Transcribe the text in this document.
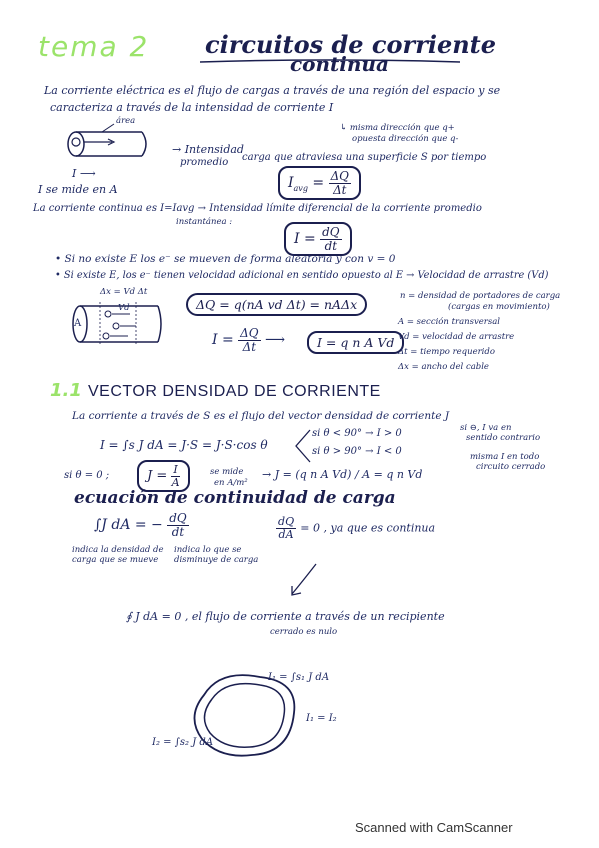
tema 2 circuitos de corriente
continua
La corriente eléctrica es el flujo de cargas a través de una región del espacio y se
caracteriza a través de la intensidad de corriente I
área
I ⟶
↳ misma dirección que q+
opuesta dirección que q-
→ Intensidad
promedio carga que atraviesa una superficie S por tiempo
$I_{avg} = \frac{\Delta Q}{\Delta t}$
I se mide en A
La corriente continua es I=Iavg → Intensidad límite diferencial de la corriente promedio
instantánea :
$I = \frac{dQ}{dt}$
• Si no existe E los e⁻ se mueven de forma aleatoria y con v = 0
• Si existe E, los e⁻ tienen velocidad adicional en sentido opuesto al E → Velocidad de arrastre (Vd)
Δx = Vd Δt
Vd
A
ΔQ = q(nA vd Δt) = nAΔx
$I = \frac{\Delta Q}{\Delta t}$ ⟶	I = q n A Vd
n = densidad de portadores de carga
(cargas en movimiento)
A = sección transversal
Vd = velocidad de arrastre
Δt = tiempo requerido
Δx = ancho del cable
1.1 VECTOR DENSIDAD DE CORRIENTE
La corriente a través de S es el flujo del vector densidad de corriente J
I = ∫s J dA = J·S = J·S·cos θ
si θ < 90° → I > 0
si θ > 90° → I < 0
si ⊖, I va en
sentido contrario
misma I en todo
circuito cerrado
si θ = 0 ;	$J = \frac{I}{A}$	se mide
en A/m²
→ J = (q n A Vd) / A = q n Vd
ecuación de continuidad de carga
∫J dA = − $\frac{dQ}{dt}$
indica la densidad de
carga que se mueve
indica lo que se
disminuye de carga
$\frac{dQ}{dA} = 0$ , ya que es continua
∮ J dA = 0 , el flujo de corriente a través de un recipiente
cerrado es nulo
I₁ = ∫s₁ J dA
I₁ = I₂
I₂ = ∫s₂ J dA
Scanned with CamScanner
